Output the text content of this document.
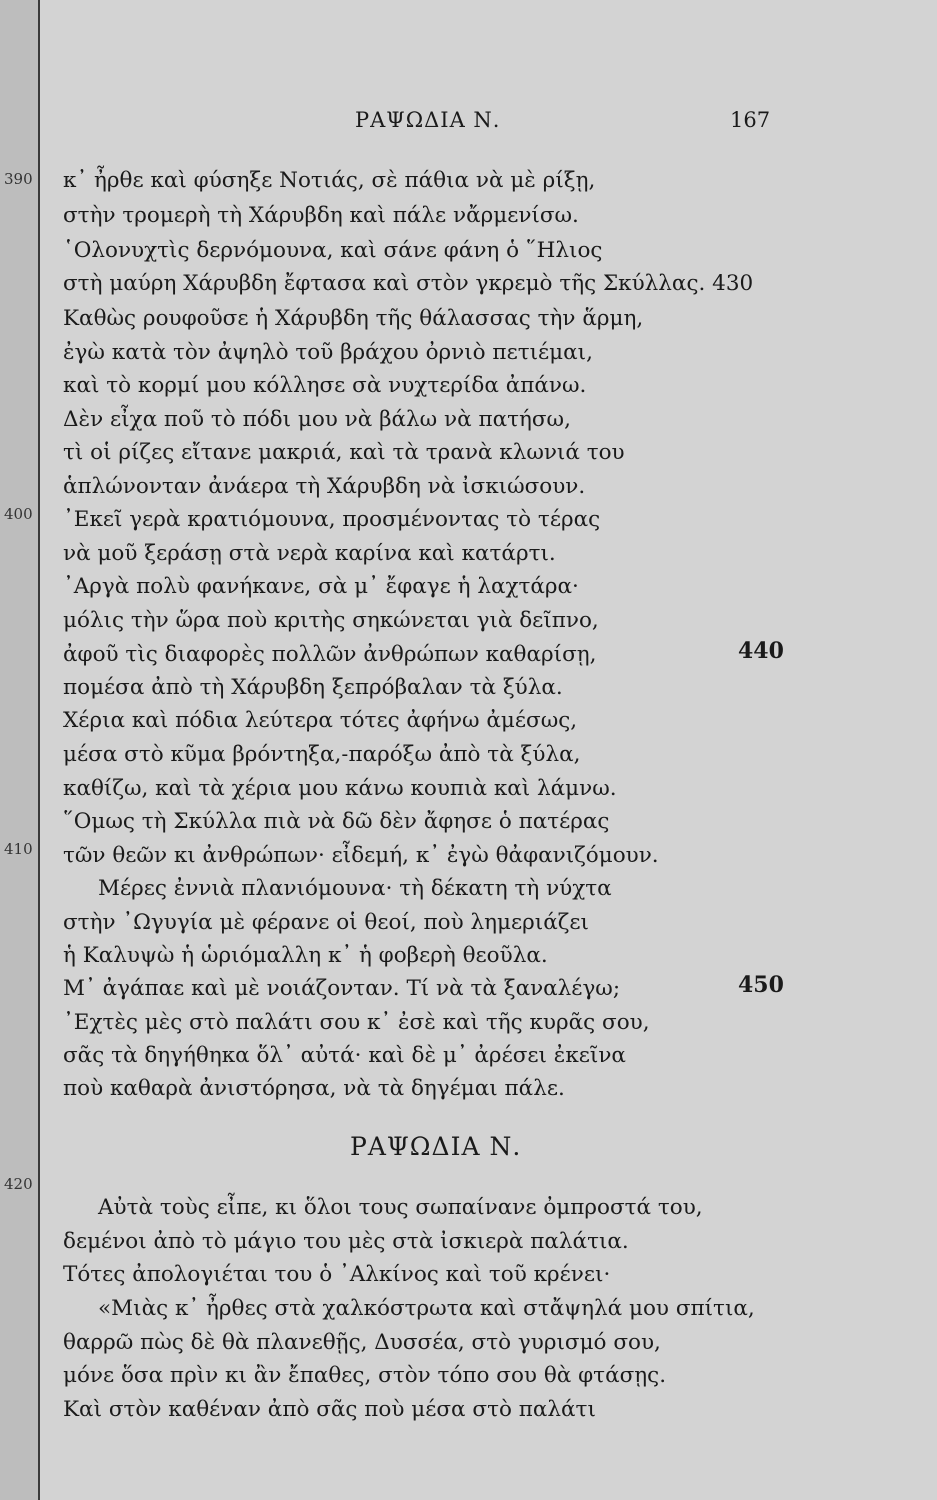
390
400
410
420
ΡΑΨΩΔΙΑ Ν.	167
κ᾿ ἦρθε καὶ φύσηξε Νοτιάς, σὲ πάθια νὰ μὲ ρίξῃ,
στὴν τρομερὴ τὴ Χάρυβδη καὶ πάλε νἄρμενίσω.
῾Ολονυχτὶς δερνόμουνα, καὶ σάνε φάνη ὁ ῞Ηλιος
στὴ μαύρη Χάρυβδη ἔφτασα καὶ στὸν γκρεμὸ τῆς Σκύλλας. 430
Καθὼς ρουφοῦσε ἡ Χάρυβδη τῆς θάλασσας τὴν ἅρμη,
ἐγὼ κατὰ τὸν ἀψηλὸ τοῦ βράχου ὀρνιὸ πετιέμαι,
καὶ τὸ κορμί μου κόλλησε σὰ νυχτερίδα ἀπάνω.
Δὲν εἶχα ποῦ τὸ πόδι μου νὰ βάλω νὰ πατήσω,
τὶ οἱ ρίζες εἴτανε μακριά, καὶ τὰ τρανὰ κλωνιά του
ἁπλώνονταν ἀνάερα τὴ Χάρυβδη νὰ ἰσκιώσουν.
᾿Εκεῖ γερὰ κρατιόμουνα, προσμένοντας τὸ τέρας
νὰ μοῦ ξεράσῃ στὰ νερὰ καρίνα καὶ κατάρτι.
᾿Αργὰ πολὺ φανήκανε, σὰ μ᾿ ἔφαγε ἡ λαχτάρα·
μόλις τὴν ὥρα ποὺ κριτὴς σηκώνεται γιὰ δεῖπνο,
ἀφοῦ τὶς διαφορὲς πολλῶν ἀνθρώπων καθαρίσῃ,	440
πομέσα ἀπὸ τὴ Χάρυβδη ξεπρόβαλαν τὰ ξύλα.
Χέρια καὶ πόδια λεύτερα τότες ἀφήνω ἀμέσως,
μέσα στὸ κῦμα βρόντηξα,˗παρόξω ἀπὸ τὰ ξύλα,
καθίζω, καὶ τὰ χέρια μου κάνω κουπιὰ καὶ λάμνω.
῞Ομως τὴ Σκύλλα πιὰ νὰ δῶ δὲν ἄφησε ὁ πατέρας
τῶν θεῶν κι ἀνθρώπων· εἶδεμή, κ᾿ ἐγὼ θἀφανιζόμουν.
Μέρες ἐννιὰ πλανιόμουνα· τὴ δέκατη τὴ νύχτα
στὴν ᾿Ωγυγία μὲ φέρανε οἱ θεοί, ποὺ λημεριάζει
ἡ Καλυψὼ ἡ ὡριόμαλλη κ᾿ ἡ φοβερὴ θεοῦλα.
Μ᾿ ἀγάπαε καὶ μὲ νοιάζονταν. Τί νὰ τὰ ξαναλέγω;	450
᾿Εχτὲς μὲς στὸ παλάτι σου κ᾿ ἐσὲ καὶ τῆς κυρᾶς σου,
σᾶς τὰ δηγήθηκα ὅλ᾿ αὐτά· καὶ δὲ μ᾿ ἀρέσει ἐκεῖνα
ποὺ καθαρὰ ἀνιστόρησα, νὰ τὰ δηγέμαι πάλε.
ΡΑΨΩΔΙΑ Ν.
Αὐτὰ τοὺς εἶπε, κι ὅλοι τους σωπαίνανε ὀμπροστά του,
δεμένοι ἀπὸ τὸ μάγιο του μὲς στὰ ἰσκιερὰ παλάτια.
Τότες ἀπολογιέται του ὁ ᾿Αλκίνος καὶ τοῦ κρένει·
«Μιὰς κ᾿ ἦρθες στὰ χαλκόστρωτα καὶ στἄψηλά μου σπίτια,
θαρρῶ πὼς δὲ θὰ πλανεθῇς, Δυσσέα, στὸ γυρισμό σου,
μόνε ὅσα πρὶν κι ἂν ἔπαθες, στὸν τόπο σου θὰ φτάσῃς.
Καὶ στὸν καθέναν ἀπὸ σᾶς ποὺ μέσα στὸ παλάτι
